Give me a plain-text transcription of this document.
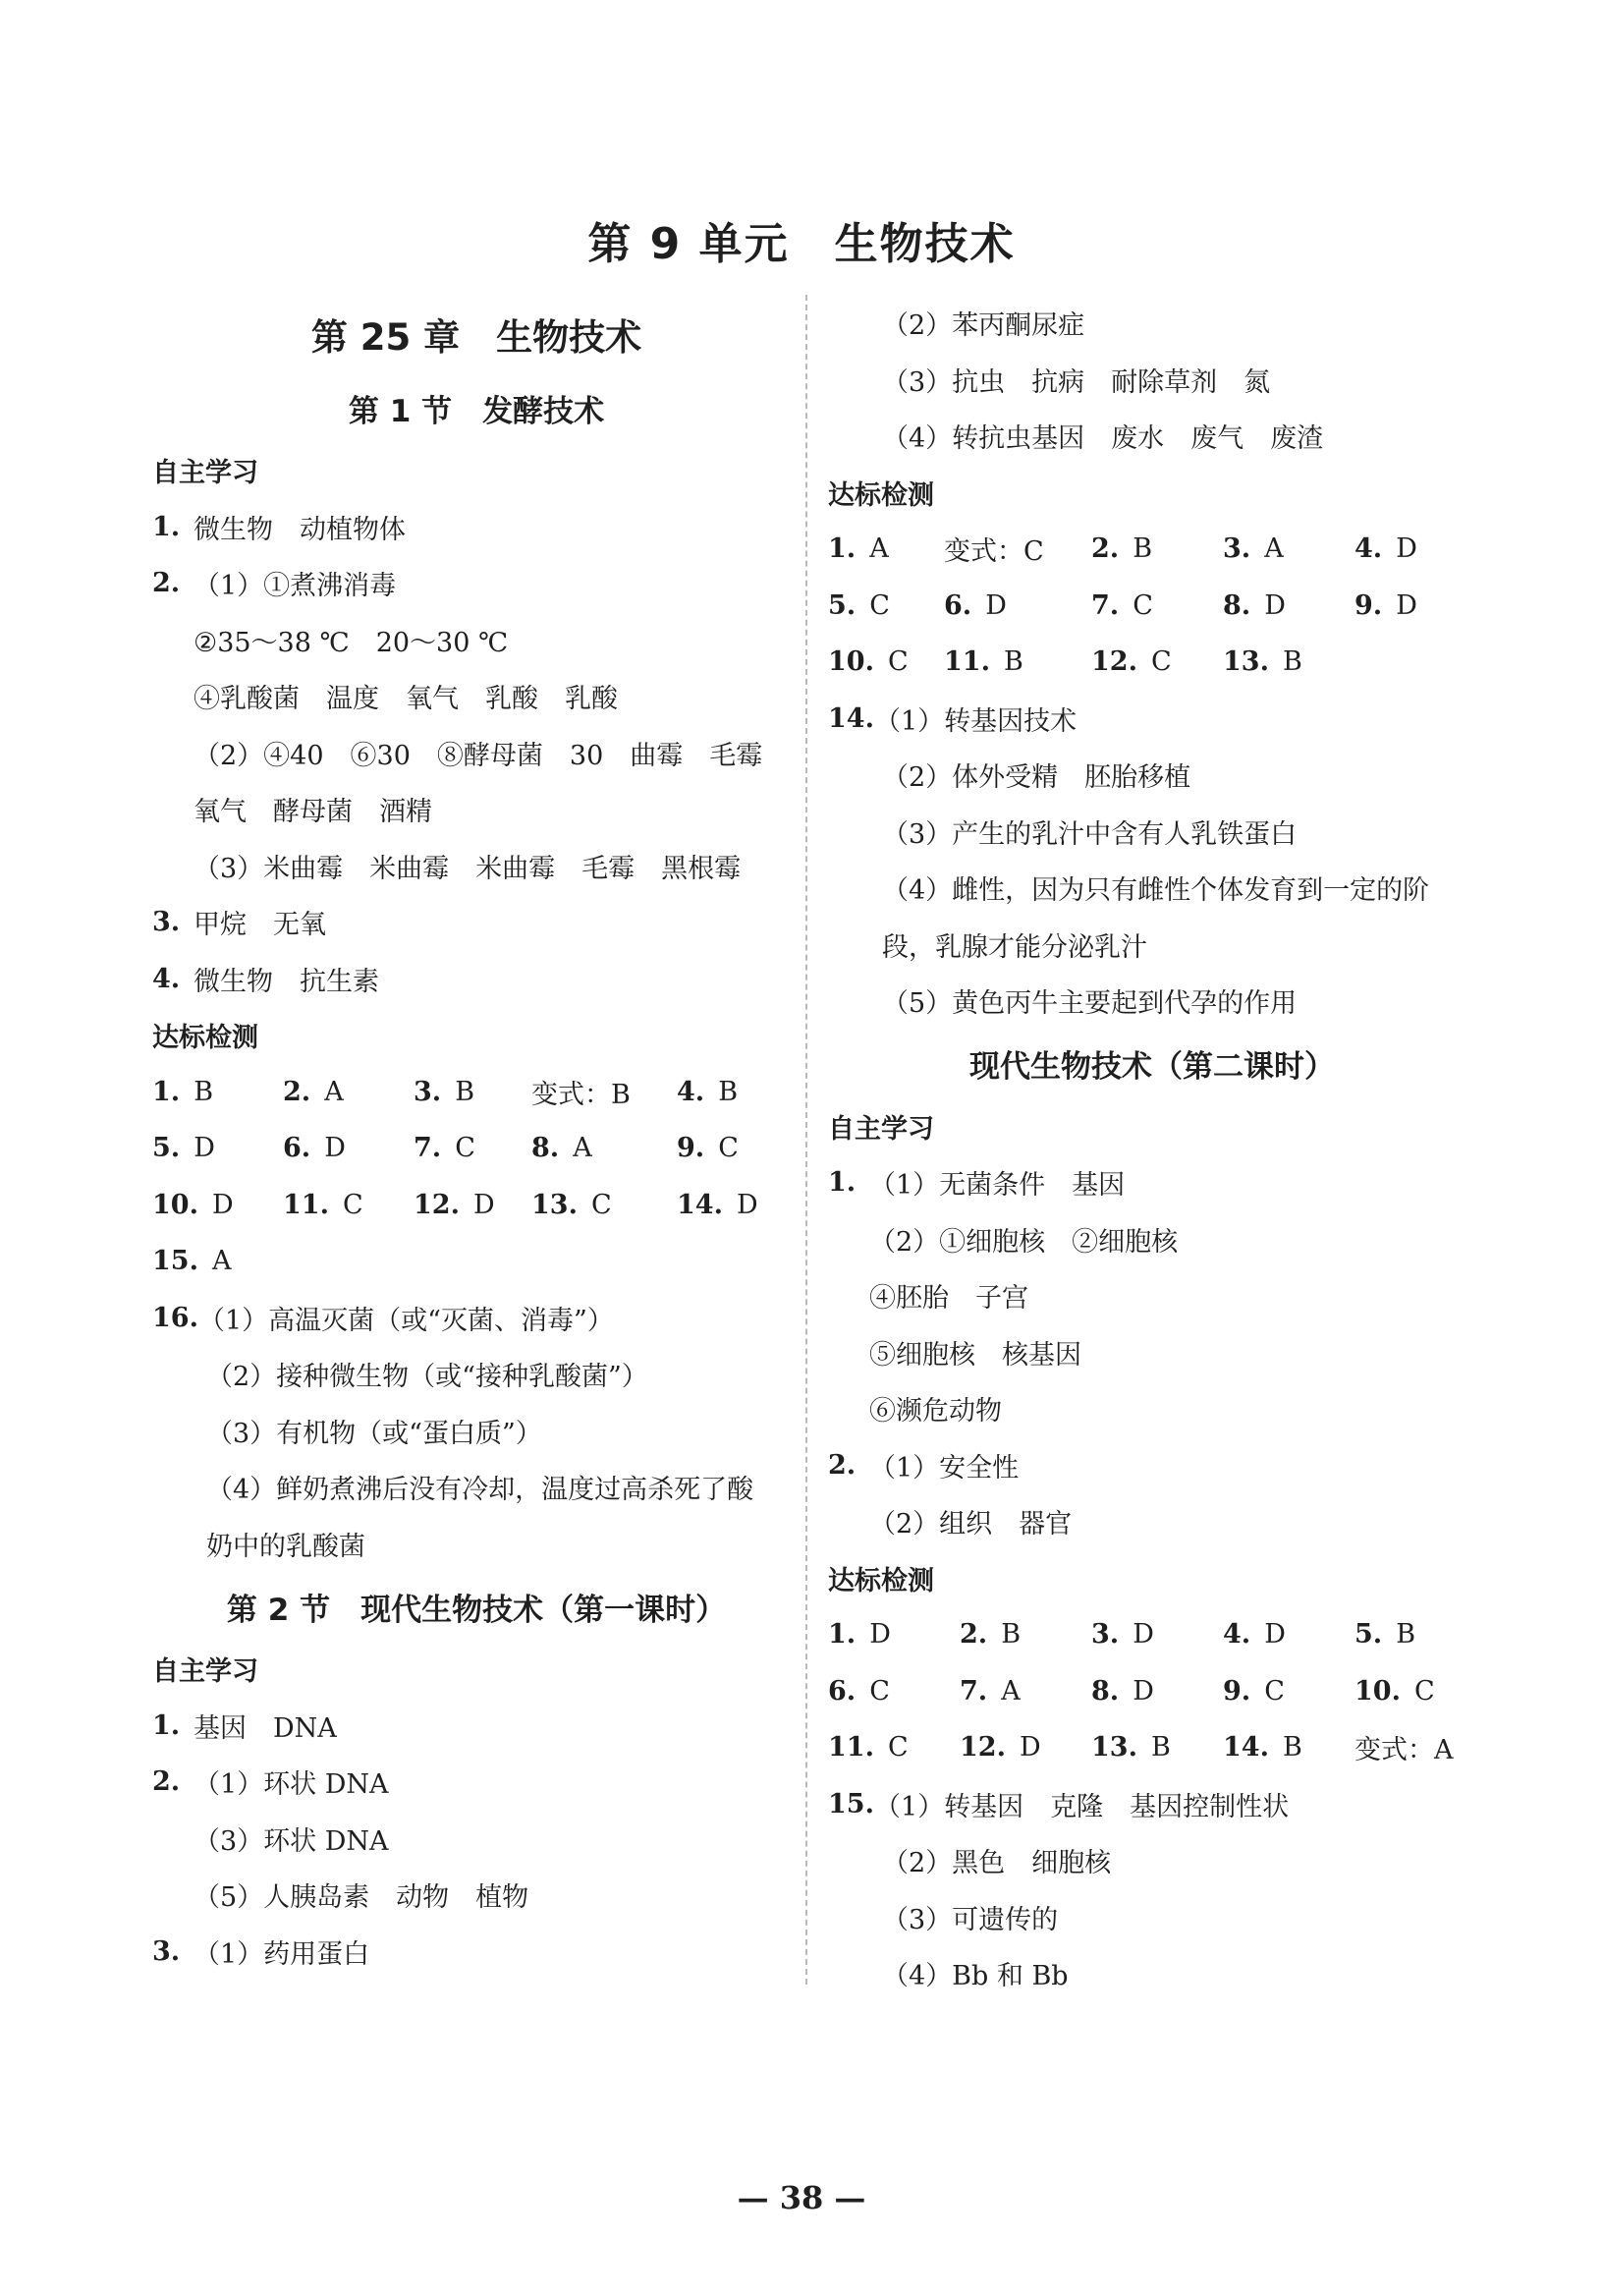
第 9 单元　生物技术
第 25 章　生物技术
第 1 节　发酵技术
自主学习
1. 微生物　动植物体
2. （1）①煮沸消毒
②35～38 ℃　20～30 ℃
④乳酸菌　温度　氧气　乳酸　乳酸
（2）④40　⑥30　⑧酵母菌　30　曲霉　毛霉
氧气　酵母菌　酒精
（3）米曲霉　米曲霉　米曲霉　毛霉　黑根霉
3. 甲烷　无氧
4. 微生物　抗生素
达标检测
1. B	2. A	3. B 变式：B 4. B
5. D	6. D	7. C 8. A	9. C
10. D 11. C 12. D 13. C 14. D
15. A
16. （1）高温灭菌（或“灭菌、消毒”）
（2）接种微生物（或“接种乳酸菌”）
（3）有机物（或“蛋白质”）
（4）鲜奶煮沸后没有冷却，温度过高杀死了酸
奶中的乳酸菌
第 2 节　现代生物技术（第一课时）
自主学习
1. 基因　DNA
2. （1）环状 DNA
（3）环状 DNA
（5）人胰岛素　动物　植物
3. （1）药用蛋白
（2）苯丙酮尿症
（3）抗虫　抗病　耐除草剂　氮
（4）转抗虫基因　废水　废气　废渣
达标检测
1. A 变式：C 2. B	3. A	4. D
5. C 6. D	7. C	8. D	9. D
10. C 11. B	12. C 13. B
14. （1）转基因技术
（2）体外受精　胚胎移植
（3）产生的乳汁中含有人乳铁蛋白
（4）雌性，因为只有雌性个体发育到一定的阶
段，乳腺才能分泌乳汁
（5）黄色丙牛主要起到代孕的作用
现代生物技术（第二课时）
自主学习
1. （1）无菌条件　基因
（2）①细胞核　②细胞核
④胚胎　子宫
⑤细胞核　核基因
⑥濒危动物
2. （1）安全性
（2）组织　器官
达标检测
1. D	2. B	3. D	4. D	5. B
6. C	7. A	8. D	9. C	10. C
11. C 12. D 13. B 14. B 变式：A
15. （1）转基因　克隆　基因控制性状
（2）黑色　细胞核
（3）可遗传的
（4）Bb 和 Bb
— 38 —
